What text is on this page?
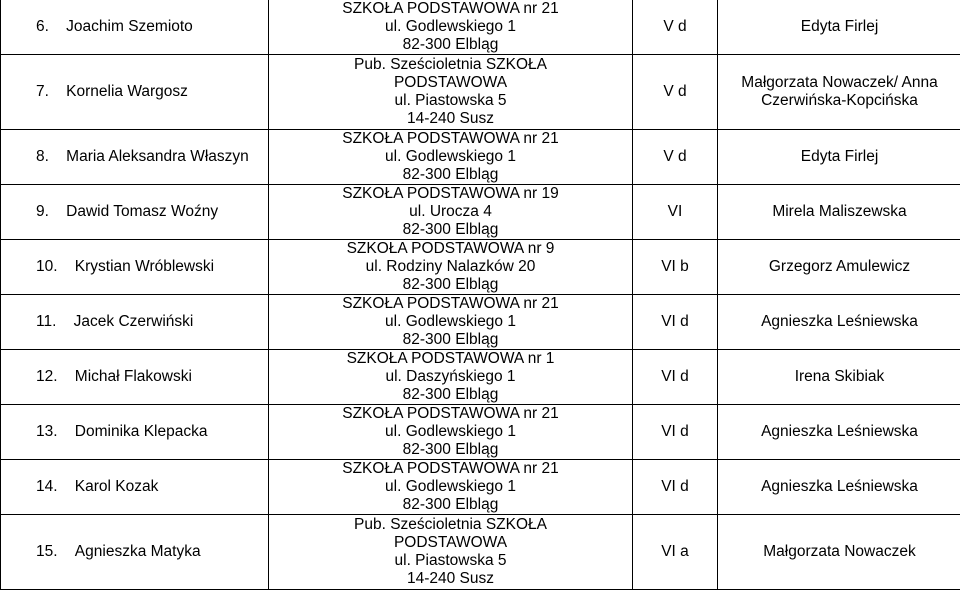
6. Joachim Szemioto	SZKOŁA PODSTAWOWA nr 21
ul. Godlewskiego 1
82-300 Elbląg	V d	Edyta Firlej

7. Kornelia Wargosz	Pub. Sześcioletnia SZKOŁA
PODSTAWOWA
ul. Piastowska 5
14-240 Susz	V d	Małgorzata Nowaczek/ Anna
Czerwińska-Kopcińska

8. Maria Aleksandra Właszyn	SZKOŁA PODSTAWOWA nr 21
ul. Godlewskiego 1
82-300 Elbląg	V d	Edyta Firlej

9. Dawid Tomasz Woźny	SZKOŁA PODSTAWOWA nr 19
ul. Urocza 4
82-300 Elbląg	VI	Mirela Maliszewska

10. Krystian Wróblewski	SZKOŁA PODSTAWOWA nr 9
ul. Rodziny Nalazków 20
82-300 Elbląg	VI b	Grzegorz Amulewicz

11. Jacek Czerwiński	SZKOŁA PODSTAWOWA nr 21
ul. Godlewskiego 1
82-300 Elbląg	VI d	Agnieszka Leśniewska

12. Michał Flakowski	SZKOŁA PODSTAWOWA nr 1
ul. Daszyńskiego 1
82-300 Elbląg	VI d	Irena Skibiak

13. Dominika Klepacka	SZKOŁA PODSTAWOWA nr 21
ul. Godlewskiego 1
82-300 Elbląg	VI d	Agnieszka Leśniewska

14. Karol Kozak	SZKOŁA PODSTAWOWA nr 21
ul. Godlewskiego 1
82-300 Elbląg	VI d	Agnieszka Leśniewska

15. Agnieszka Matyka	Pub. Sześcioletnia SZKOŁA
PODSTAWOWA
ul. Piastowska 5
14-240 Susz	VI a	Małgorzata Nowaczek
